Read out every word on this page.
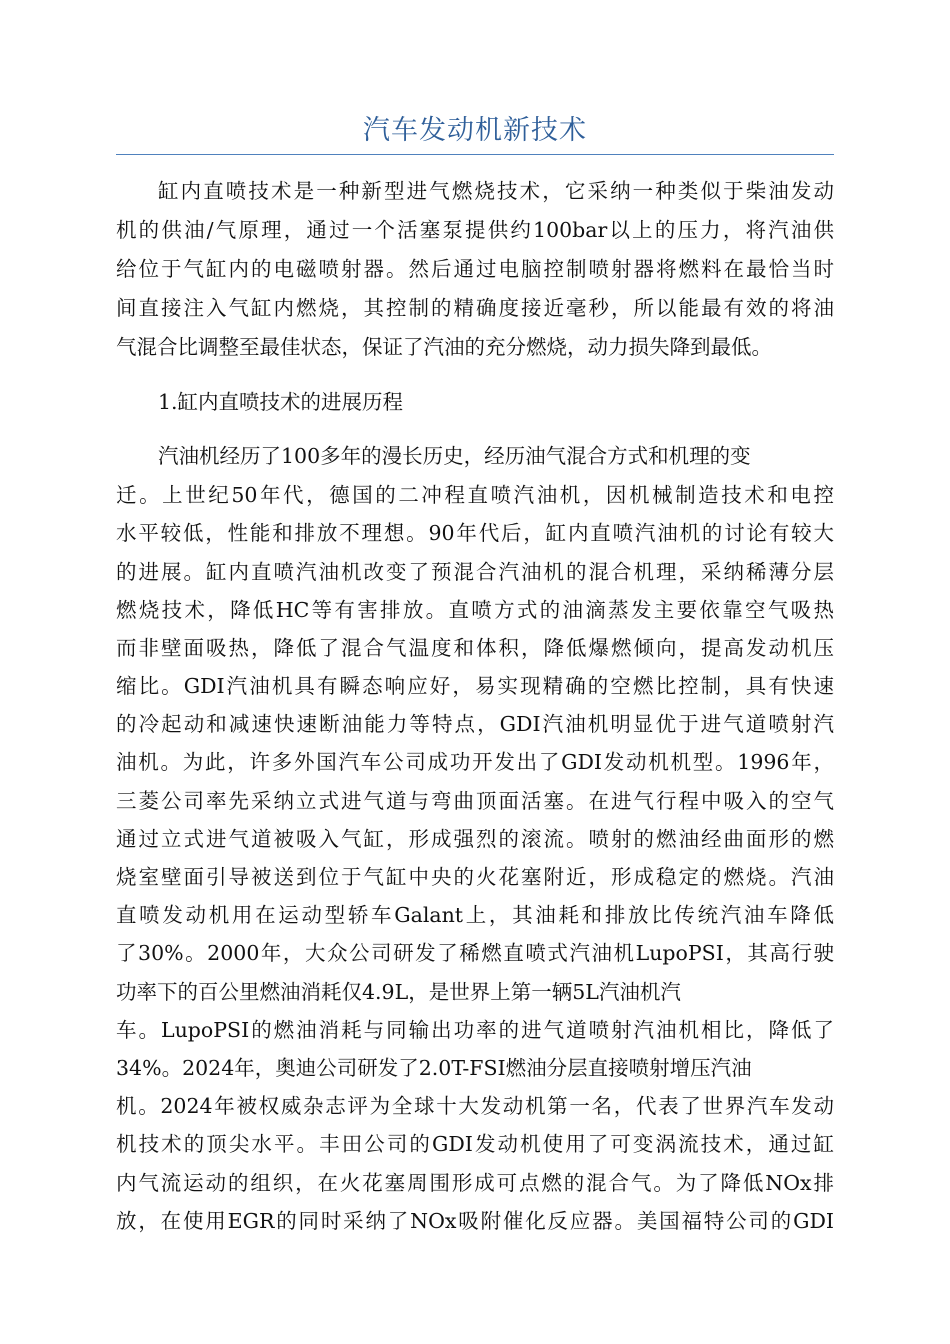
汽车发动机新技术
缸内直喷技术是一种新型进气燃烧技术，它采纳一种类似于柴油发动
机的供油/气原理，通过一个活塞泵提供约100bar以上的压力，将汽油供
给位于气缸内的电磁喷射器。然后通过电脑控制喷射器将燃料在最恰当时
间直接注入气缸内燃烧，其控制的精确度接近毫秒，所以能最有效的将油
气混合比调整至最佳状态，保证了汽油的充分燃烧，动力损失降到最低。
1.缸内直喷技术的进展历程
汽油机经历了100多年的漫长历史，经历油气混合方式和机理的变
迁。上世纪50年代，德国的二冲程直喷汽油机，因机械制造技术和电控
水平较低，性能和排放不理想。90年代后，缸内直喷汽油机的讨论有较大
的进展。缸内直喷汽油机改变了预混合汽油机的混合机理，采纳稀薄分层
燃烧技术，降低HC等有害排放。直喷方式的油滴蒸发主要依靠空气吸热
而非壁面吸热，降低了混合气温度和体积，降低爆燃倾向，提高发动机压
缩比。GDI汽油机具有瞬态响应好，易实现精确的空燃比控制，具有快速
的冷起动和减速快速断油能力等特点，GDI汽油机明显优于进气道喷射汽
油机。为此，许多外国汽车公司成功开发出了GDI发动机机型。1996年，
三菱公司率先采纳立式进气道与弯曲顶面活塞。在进气行程中吸入的空气
通过立式进气道被吸入气缸，形成强烈的滚流。喷射的燃油经曲面形的燃
烧室壁面引导被送到位于气缸中央的火花塞附近，形成稳定的燃烧。汽油
直喷发动机用在运动型轿车Galant上，其油耗和排放比传统汽油车降低
了30%。2000年，大众公司研发了稀燃直喷式汽油机LupoPSI，其高行驶
功率下的百公里燃油消耗仅4.9L，是世界上第一辆5L汽油机汽
车。LupoPSI的燃油消耗与同输出功率的进气道喷射汽油机相比，降低了
34%。2024年，奥迪公司研发了2.0T-FSI燃油分层直接喷射增压汽油
机。2024年被权威杂志评为全球十大发动机第一名，代表了世界汽车发动
机技术的顶尖水平。丰田公司的GDI发动机使用了可变涡流技术，通过缸
内气流运动的组织，在火花塞周围形成可点燃的混合气。为了降低NOx排
放，在使用EGR的同时采纳了NOx吸附催化反应器。美国福特公司的GDI
